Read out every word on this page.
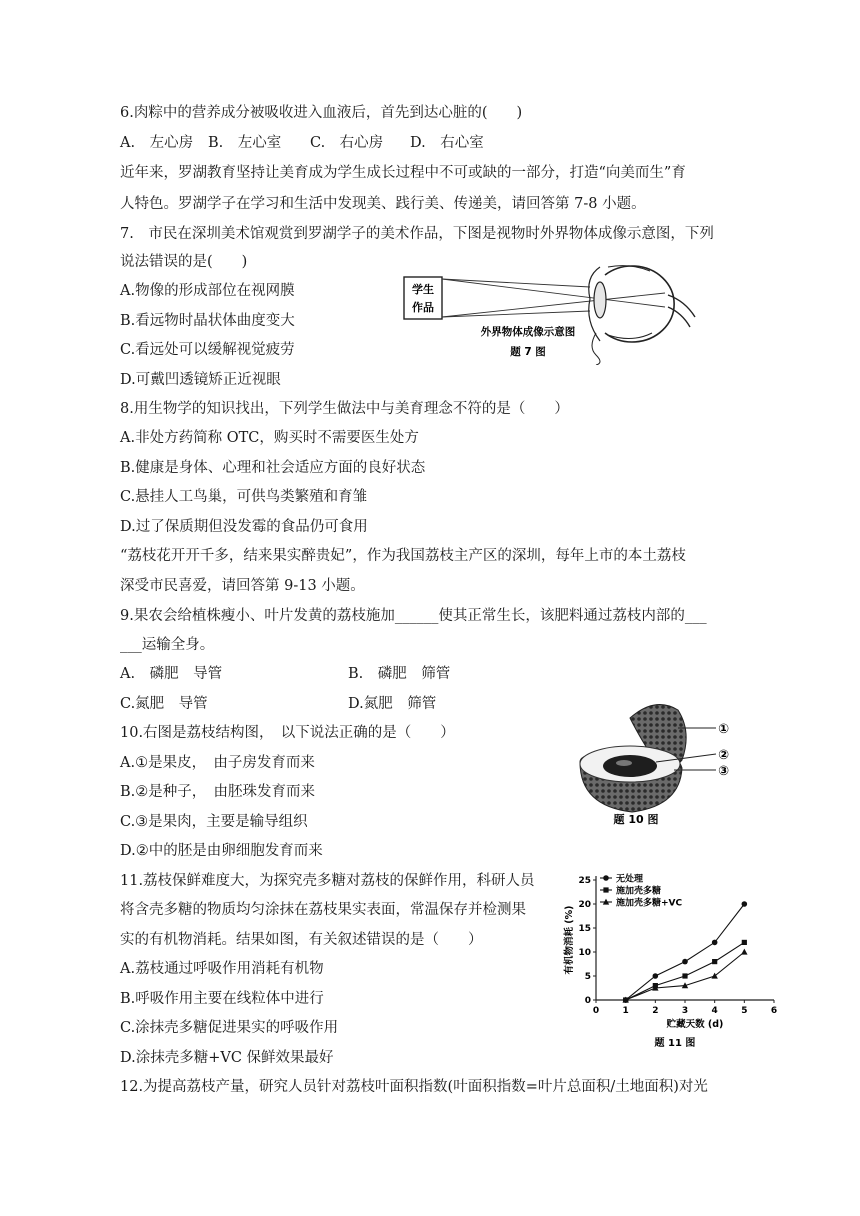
6.肉粽中的营养成分被吸收进入血液后，首先到达心脏的(　　)
A.　左心房 B.　左心室 C.　右心房 D.　右心室
近年来，罗湖教育坚持让美育成为学生成长过程中不可或缺的一部分，打造“向美而生”育
人特色。罗湖学子在学习和生活中发现美、践行美、传递美，请回答第 7-8 小题。
7.　市民在深圳美术馆观赏到罗湖学子的美术作品，下图是视物时外界物体成像示意图，下列
说法错误的是(　　)
A.物像的形成部位在视网膜
B.看远物时晶状体曲度变大
C.看远处可以缓解视觉疲劳
D.可戴凹透镜矫正近视眼
学生
作品
外界物体成像示意图
题 7 图
8.用生物学的知识找出，下列学生做法中与美育理念不符的是（　　）
A.非处方药简称 OTC，购买时不需要医生处方
B.健康是身体、心理和社会适应方面的良好状态
C.悬挂人工鸟巢，可供鸟类繁殖和育雏
D.过了保质期但没发霉的食品仍可食用
“荔枝花开开千多，结来果实醉贵妃”，作为我国荔枝主产区的深圳，每年上市的本土荔枝
深受市民喜爱，请回答第 9-13 小题。
9.果农会给植株瘦小、叶片发黄的荔枝施加______使其正常生长，该肥料通过荔枝内部的___
___运输全身。
A.　磷肥　导管	B.　磷肥　筛管
C.氮肥　导管	D.氮肥　筛管
10.右图是荔枝结构图，　以下说法正确的是（　　）
A.①是果皮，　由子房发育而来
B.②是种子，　由胚珠发育而来
C.③是果肉，主要是输导组织
D.②中的胚是由卵细胞发育而来
①
②
③
题 10 图
11.荔枝保鲜难度大，为探究壳多糖对荔枝的保鲜作用，科研人员
将含壳多糖的物质均匀涂抹在荔枝果实表面，常温保存并检测果
实的有机物消耗。结果如图，有关叙述错误的是（　　）
A.荔枝通过呼吸作用消耗有机物
B.呼吸作用主要在线粒体中进行
C.涂抹壳多糖促进果实的呼吸作用
D.涂抹壳多糖+VC 保鲜效果最好
0	1	2	3	4	5	6
0
5
10
15
20
25	无处理
施加壳多糖
施加壳多糖+VC
贮藏天数 (d)
有机物消耗 (%)
题 11 图
12.为提高荔枝产量，研究人员针对荔枝叶面积指数(叶面积指数=叶片总面积/土地面积)对光
